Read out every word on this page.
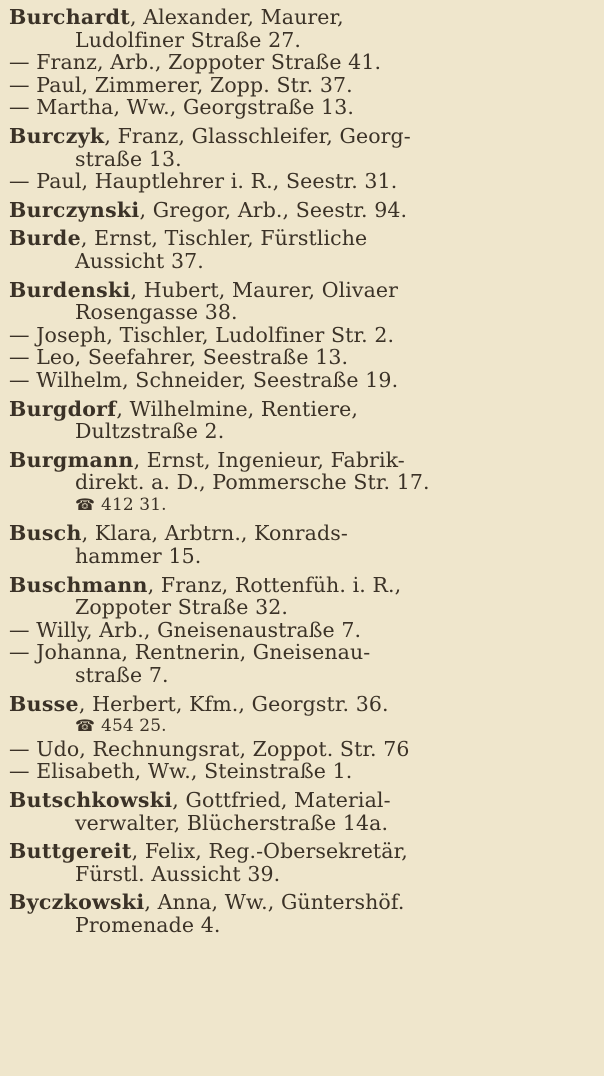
Burchardt, Alexander, Maurer,
Ludolfiner Straße 27.

— Franz, Arb., Zoppoter Straße 41.

— Paul, Zimmerer, Zopp. Str. 37.

— Martha, Ww., Georgstraße 13.

Burczyk, Franz, Glasschleifer, Georg-
straße 13.

— Paul, Hauptlehrer i. R., Seestr. 31.

Burczynski, Gregor, Arb., Seestr. 94.

Burde, Ernst, Tischler, Fürstliche
Aussicht 37.

Burdenski, Hubert, Maurer, Olivaer
Rosengasse 38.

— Joseph, Tischler, Ludolfiner Str. 2.

— Leo, Seefahrer, Seestraße 13.

— Wilhelm, Schneider, Seestraße 19.

Burgdorf, Wilhelmine, Rentiere,
Dultzstraße 2.

Burgmann, Ernst, Ingenieur, Fabrik-
direkt. a. D., Pommersche Str. 17.
☎ 412 31.

Busch, Klara, Arbtrn., Konrads-
hammer 15.

Buschmann, Franz, Rottenfüh. i. R.,
Zoppoter Straße 32.

— Willy, Arb., Gneisenaustraße 7.

— Johanna, Rentnerin, Gneisenau-
straße 7.

Busse, Herbert, Kfm., Georgstr. 36.
☎ 454 25.

— Udo, Rechnungsrat, Zoppot. Str. 76

— Elisabeth, Ww., Steinstraße 1.

Butschkowski, Gottfried, Material-
verwalter, Blücherstraße 14a.

Buttgereit, Felix, Reg.-Obersekretär,
Fürstl. Aussicht 39.

Byczkowski, Anna, Ww., Güntershöf.
Promenade 4.
